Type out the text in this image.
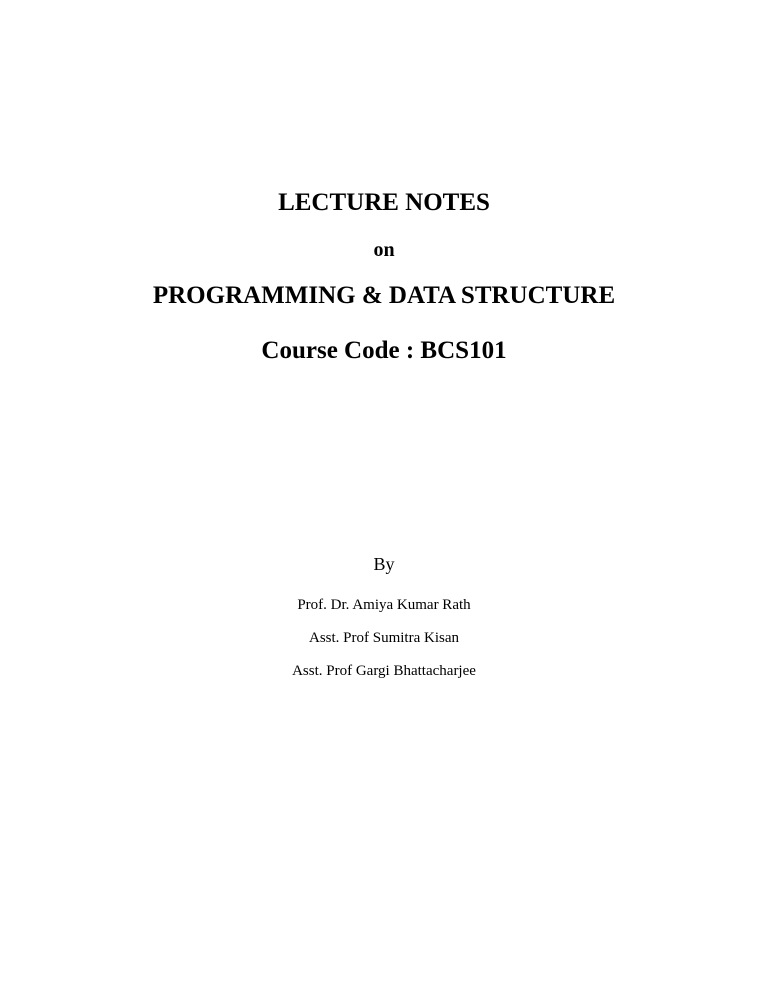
LECTURE NOTES
on
PROGRAMMING & DATA STRUCTURE
Course Code : BCS101
By
Prof. Dr. Amiya Kumar Rath
Asst. Prof Sumitra Kisan
Asst. Prof Gargi Bhattacharjee
